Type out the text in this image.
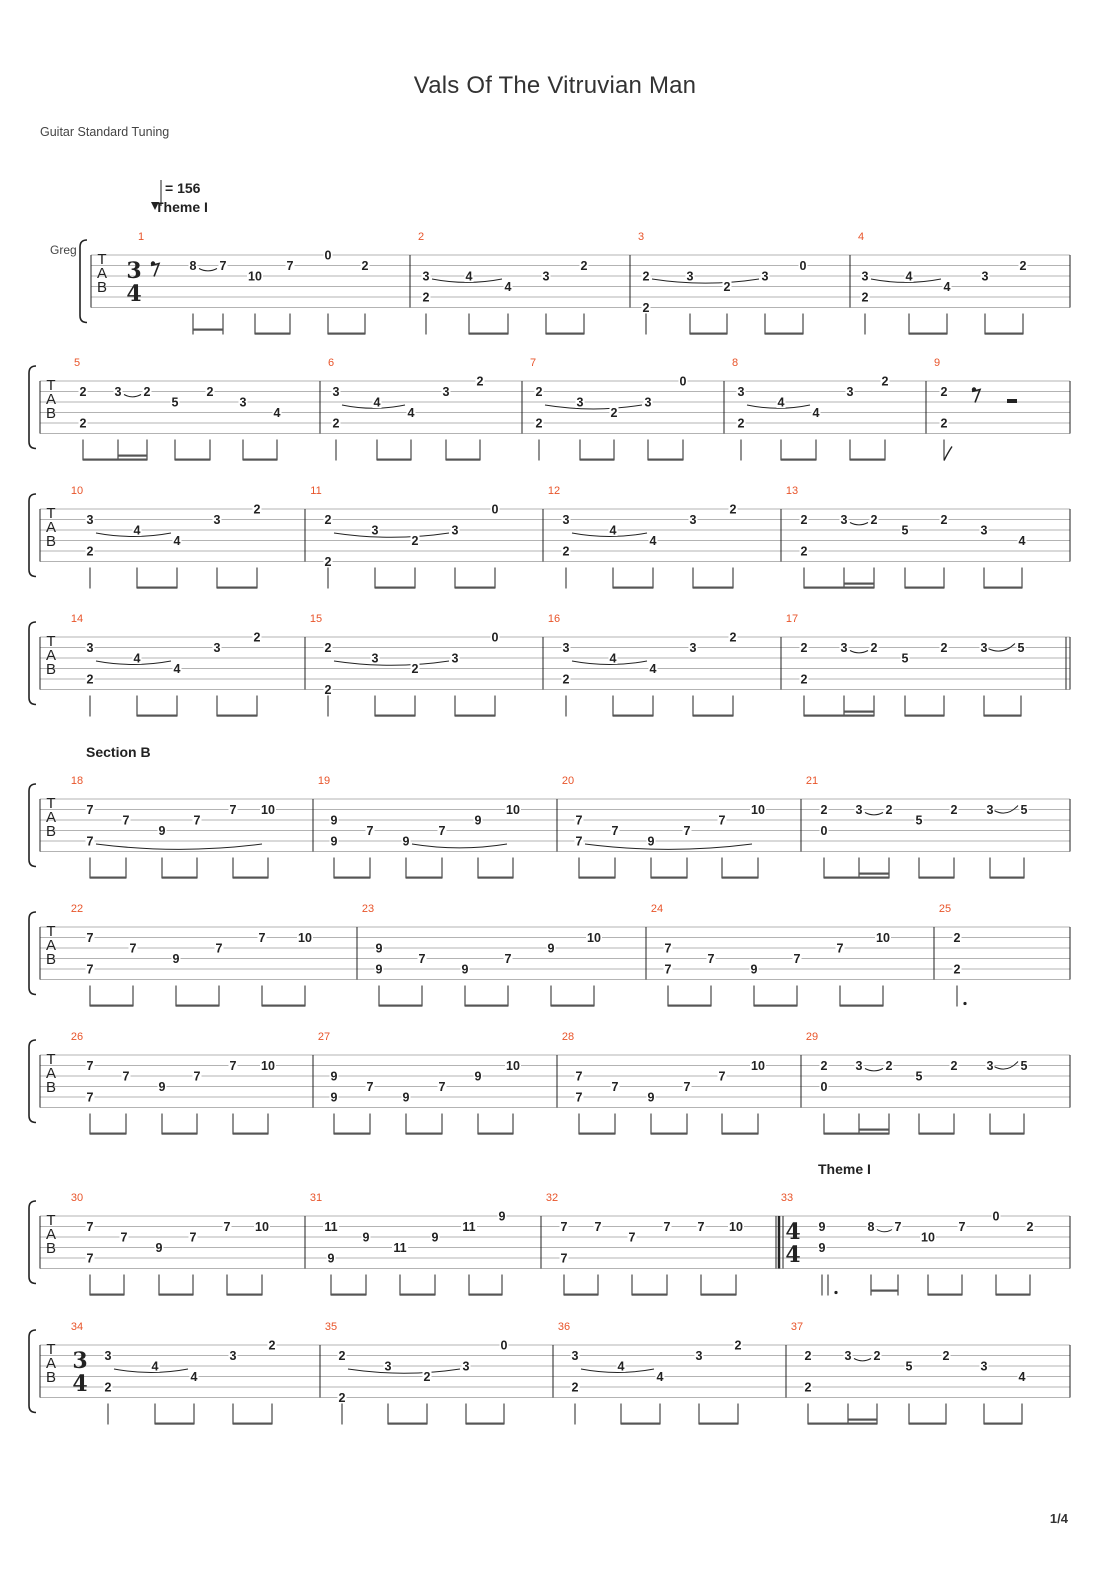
Vals Of The Vitruvian Man
Guitar Standard Tuning
T
A
B
Greg
= 156
Theme I
3
4
1
8 7
10
7
0
2
2
2
3	4
4
3
2
3
2
2	3
2
3
0
4
2
3	4
4
3
2
T
A
B
5
2
2 3 2
5
2
3
4
6
2
3
4
4
3
2
7
2
2
3
2
3
0
8
2
3
4
4
3
2
9
2
2
T
A
B
10
2
3
4
4
3
2
11
2
2
3
2
3
0
12
2
3
4
4
3
2
13
2
2	3 2
5
2
3
4
T
A
B
14
2
3
4
4
3
2
15
2
2
3
2
3
0
16
2
3
4
4
3
2
17
2
2	3 2
5
2	3 5
T
A
B
Section B
18
7
7
7
9
7
7 10
19
9
9
7
9
7
9
10
20
7
7
7
9
7
7
10
21
0
2 3 2
5
2 3 5
T
A
B
22
7
7
7
9
7
7	10
23
9
9
7
9
7
9
10
24
7
7
7
9
7
7
10
25
2
2
T
A
B
26
7
7
7
9
7
7 10
27
9
9
7
9
7
9
10
28
7
7
7
9
7
7
10
29
0
2 3 2
5
2 3 5
T
A
B
Theme I
30
7
7
7
9
7
7 10
31
9
11
9
11
9
11
9
32
7
7 7
7
7 7 10 4
4
33
9
9	8 7
10
7
0
2
T
A
B
3
4
34
2
3
4
4
3
2
35
2
2
3
2
3
0
36
2
3
4
4
3
2
37
2
2	3 2
5
2
3
4
1/4
